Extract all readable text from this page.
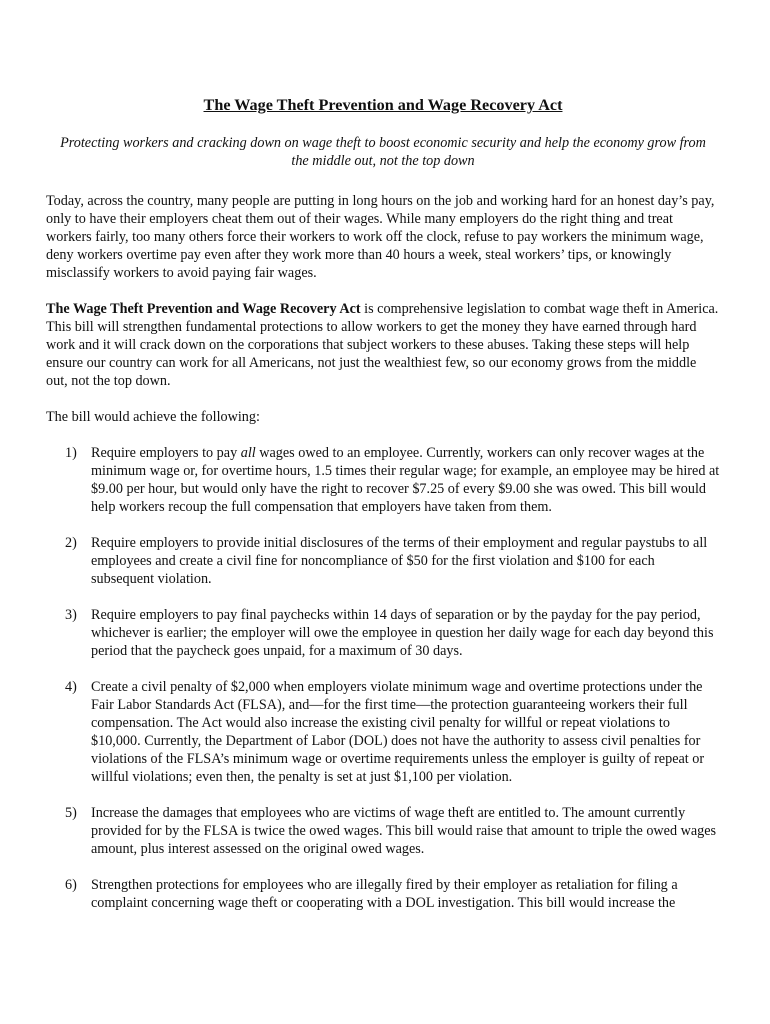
The Wage Theft Prevention and Wage Recovery Act
Protecting workers and cracking down on wage theft to boost economic security and help the economy grow from the middle out, not the top down
Today, across the country, many people are putting in long hours on the job and working hard for an honest day’s pay, only to have their employers cheat them out of their wages. While many employers do the right thing and treat workers fairly, too many others force their workers to work off the clock, refuse to pay workers the minimum wage, deny workers overtime pay even after they work more than 40 hours a week, steal workers’ tips, or knowingly misclassify workers to avoid paying fair wages.
The Wage Theft Prevention and Wage Recovery Act is comprehensive legislation to combat wage theft in America. This bill will strengthen fundamental protections to allow workers to get the money they have earned through hard work and it will crack down on the corporations that subject workers to these abuses. Taking these steps will help ensure our country can work for all Americans, not just the wealthiest few, so our economy grows from the middle out, not the top down.
The bill would achieve the following:
1) Require employers to pay all wages owed to an employee. Currently, workers can only recover wages at the minimum wage or, for overtime hours, 1.5 times their regular wage; for example, an employee may be hired at $9.00 per hour, but would only have the right to recover $7.25 of every $9.00 she was owed. This bill would help workers recoup the full compensation that employers have taken from them.
2) Require employers to provide initial disclosures of the terms of their employment and regular paystubs to all employees and create a civil fine for noncompliance of $50 for the first violation and $100 for each subsequent violation.
3) Require employers to pay final paychecks within 14 days of separation or by the payday for the pay period, whichever is earlier; the employer will owe the employee in question her daily wage for each day beyond this period that the paycheck goes unpaid, for a maximum of 30 days.
4) Create a civil penalty of $2,000 when employers violate minimum wage and overtime protections under the Fair Labor Standards Act (FLSA), and—for the first time—the protection guaranteeing workers their full compensation. The Act would also increase the existing civil penalty for willful or repeat violations to $10,000. Currently, the Department of Labor (DOL) does not have the authority to assess civil penalties for violations of the FLSA’s minimum wage or overtime requirements unless the employer is guilty of repeat or willful violations; even then, the penalty is set at just $1,100 per violation.
5) Increase the damages that employees who are victims of wage theft are entitled to. The amount currently provided for by the FLSA is twice the owed wages. This bill would raise that amount to triple the owed wages amount, plus interest assessed on the original owed wages.
6) Strengthen protections for employees who are illegally fired by their employer as retaliation for filing a complaint concerning wage theft or cooperating with a DOL investigation. This bill would increase the
